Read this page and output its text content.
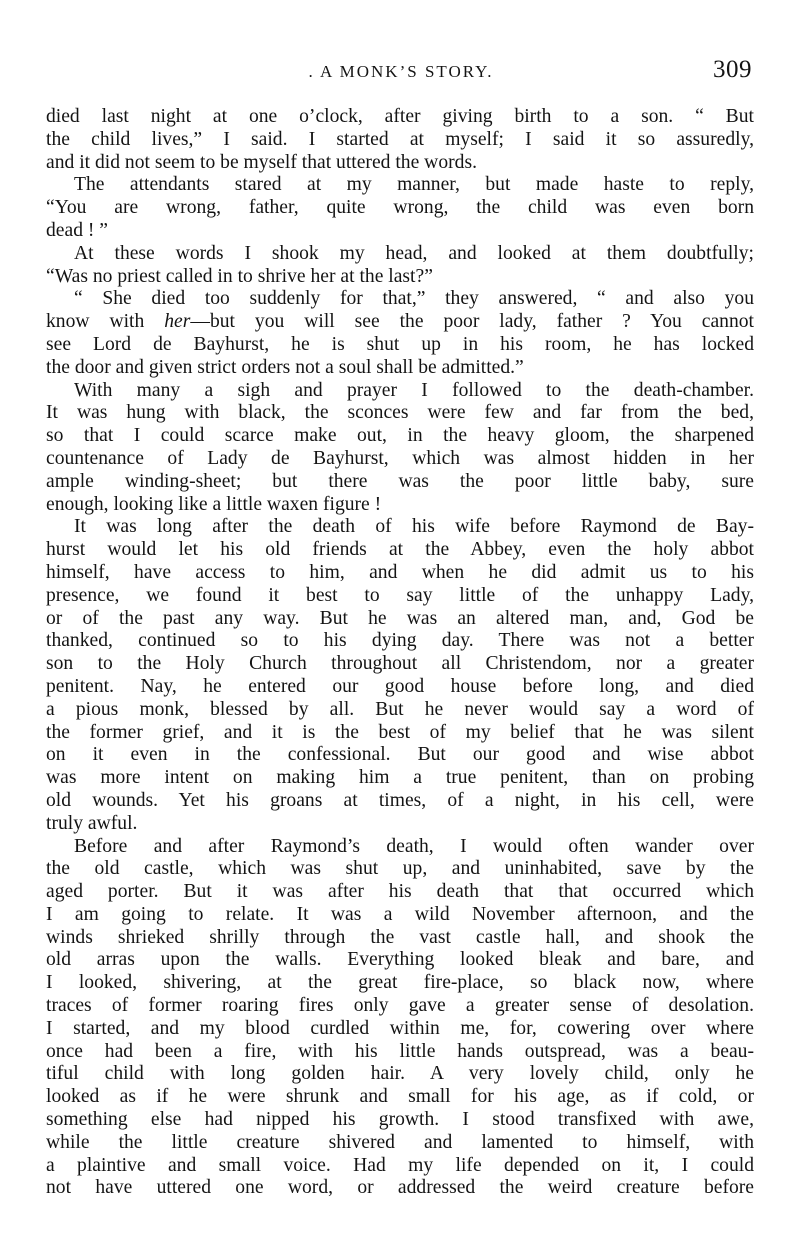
. A MONK’S STORY.	309
died last night at one o’clock, after giving birth to a son. “ But
the child lives,” I said. I started at myself; I said it so assuredly,
and it did not seem to be myself that uttered the words.
The attendants stared at my manner, but made haste to reply,
“You are wrong, father, quite wrong, the child was even born
dead ! ”
At these words I shook my head, and looked at them doubtfully;
“Was no priest called in to shrive her at the last?”
“ She died too suddenly for that,” they answered, “ and also you
know with her—but you will see the poor lady, father ? You cannot
see Lord de Bayhurst, he is shut up in his room, he has locked
the door and given strict orders not a soul shall be admitted.”
With many a sigh and prayer I followed to the death-chamber.
It was hung with black, the sconces were few and far from the bed,
so that I could scarce make out, in the heavy gloom, the sharpened
countenance of Lady de Bayhurst, which was almost hidden in her
ample winding-sheet; but there was the poor little baby, sure
enough, looking like a little waxen figure !
It was long after the death of his wife before Raymond de Bay-
hurst would let his old friends at the Abbey, even the holy abbot
himself, have access to him, and when he did admit us to his
presence, we found it best to say little of the unhappy Lady,
or of the past any way. But he was an altered man, and, God be
thanked, continued so to his dying day. There was not a better
son to the Holy Church throughout all Christendom, nor a greater
penitent. Nay, he entered our good house before long, and died
a pious monk, blessed by all. But he never would say a word of
the former grief, and it is the best of my belief that he was silent
on it even in the confessional. But our good and wise abbot
was more intent on making him a true penitent, than on probing
old wounds. Yet his groans at times, of a night, in his cell, were
truly awful.
Before and after Raymond’s death, I would often wander over
the old castle, which was shut up, and uninhabited, save by the
aged porter. But it was after his death that that occurred which
I am going to relate. It was a wild November afternoon, and the
winds shrieked shrilly through the vast castle hall, and shook the
old arras upon the walls. Everything looked bleak and bare, and
I looked, shivering, at the great fire-place, so black now, where
traces of former roaring fires only gave a greater sense of desolation.
I started, and my blood curdled within me, for, cowering over where
once had been a fire, with his little hands outspread, was a beau-
tiful child with long golden hair. A very lovely child, only he
looked as if he were shrunk and small for his age, as if cold, or
something else had nipped his growth. I stood transfixed with awe,
while the little creature shivered and lamented to himself, with
a plaintive and small voice. Had my life depended on it, I could
not have uttered one word, or addressed the weird creature before
